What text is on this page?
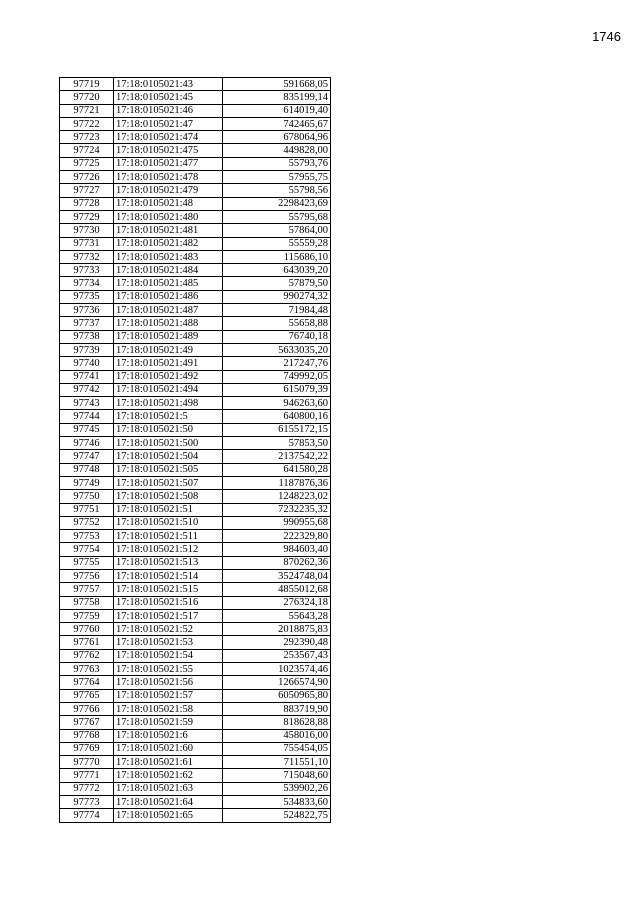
1746
97719	17:18:0105021:43	591668,05
97720	17:18:0105021:45	835199,14
97721	17:18:0105021:46	614019,40
97722	17:18:0105021:47	742465,67
97723	17:18:0105021:474	678064,96
97724	17:18:0105021:475	449828,00
97725	17:18:0105021:477	55793,76
97726	17:18:0105021:478	57955,75
97727	17:18:0105021:479	55798,56
97728	17:18:0105021:48	2298423,69
97729	17:18:0105021:480	55795,68
97730	17:18:0105021:481	57864,00
97731	17:18:0105021:482	55559,28
97732	17:18:0105021:483	115686,10
97733	17:18:0105021:484	643039,20
97734	17:18:0105021:485	57879,50
97735	17:18:0105021:486	990274,32
97736	17:18:0105021:487	71984,48
97737	17:18:0105021:488	55658,88
97738	17:18:0105021:489	76740,18
97739	17:18:0105021:49	5633035,20
97740	17:18:0105021:491	217247,76
97741	17:18:0105021:492	749992,05
97742	17:18:0105021:494	615079,39
97743	17:18:0105021:498	946263,60
97744	17:18:0105021:5	640800,16
97745	17:18:0105021:50	6155172,15
97746	17:18:0105021:500	57853,50
97747	17:18:0105021:504	2137542,22
97748	17:18:0105021:505	641580,28
97749	17:18:0105021:507	1187876,36
97750	17:18:0105021:508	1248223,02
97751	17:18:0105021:51	7232235,32
97752	17:18:0105021:510	990955,68
97753	17:18:0105021:511	222329,80
97754	17:18:0105021:512	984603,40
97755	17:18:0105021:513	870262,36
97756	17:18:0105021:514	3524748,04
97757	17:18:0105021:515	4855012,68
97758	17:18:0105021:516	276324,18
97759	17:18:0105021:517	55643,28
97760	17:18:0105021:52	2018875,83
97761	17:18:0105021:53	292390,48
97762	17:18:0105021:54	253567,43
97763	17:18:0105021:55	1023574,46
97764	17:18:0105021:56	1266574,90
97765	17:18:0105021:57	6050965,80
97766	17:18:0105021:58	883719,90
97767	17:18:0105021:59	818628,88
97768	17:18:0105021:6	458016,00
97769	17:18:0105021:60	755454,05
97770	17:18:0105021:61	711551,10
97771	17:18:0105021:62	715048,60
97772	17:18:0105021:63	539902,26
97773	17:18:0105021:64	534833,60
97774	17:18:0105021:65	524822,75
